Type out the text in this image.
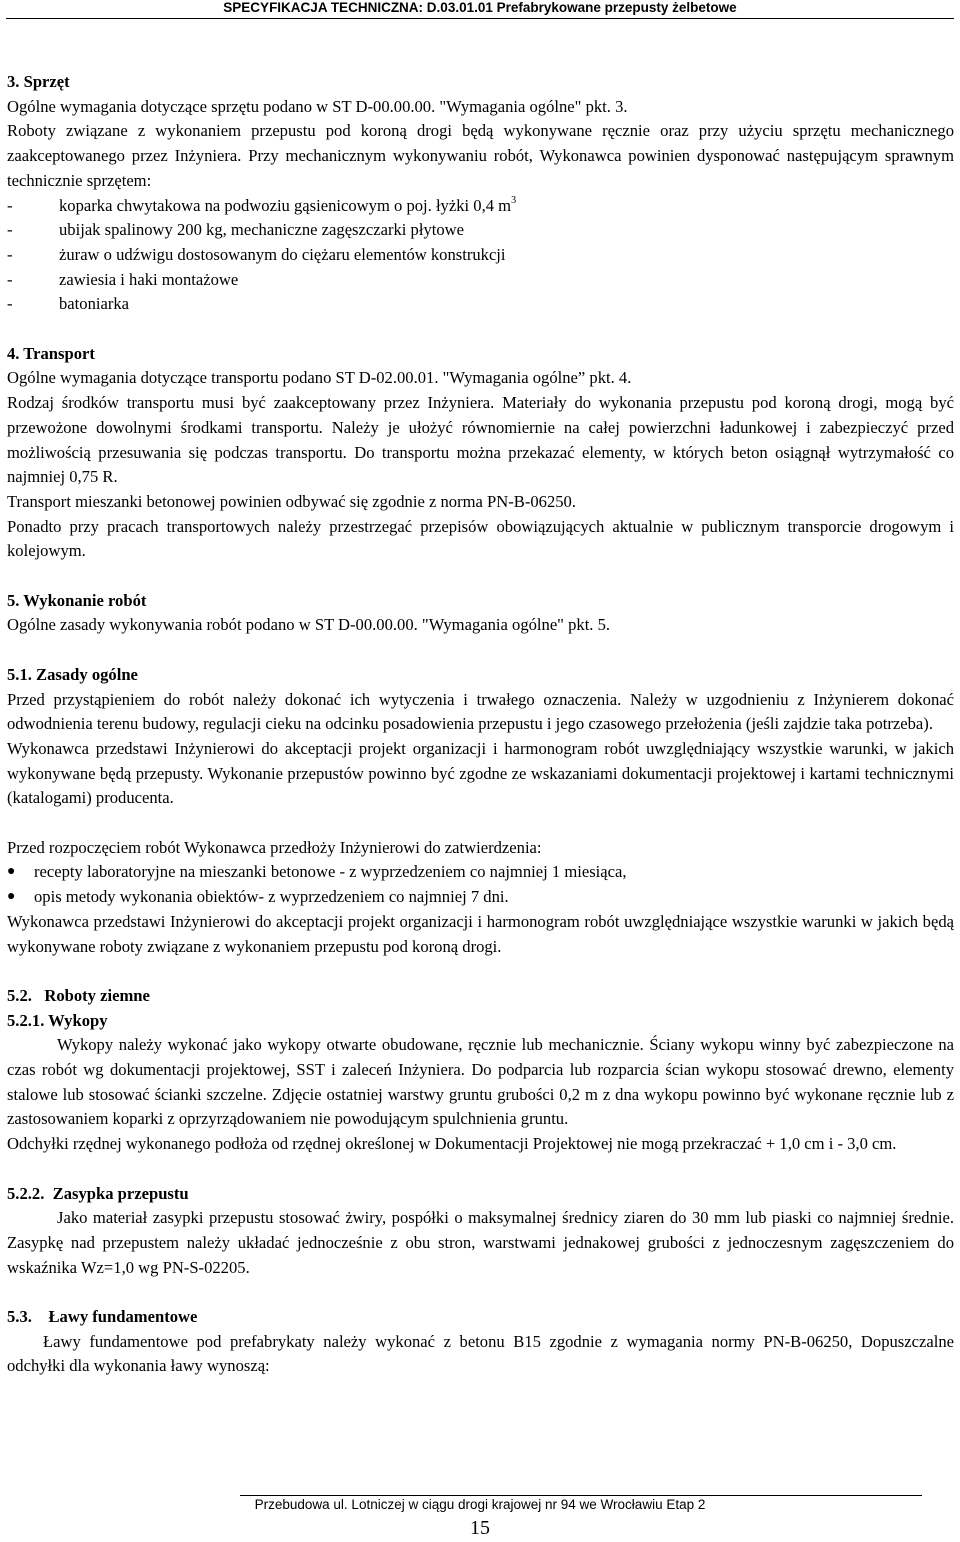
SPECYFIKACJA TECHNICZNA: D.03.01.01 Prefabrykowane przepusty żelbetowe

3. Sprzęt

Ogólne wymagania dotyczące sprzętu podano w ST D-00.00.00. "Wymagania ogólne" pkt. 3.

Roboty związane z wykonaniem przepustu pod koroną drogi będą wykonywane ręcznie oraz przy użyciu sprzętu mechanicznego zaakceptowanego przez Inżyniera. Przy mechanicznym wykonywaniu robót, Wykonawca powinien dysponować następującym sprawnym technicznie sprzętem:

-	koparka chwytakowa na podwoziu gąsienicowym o poj. łyżki 0,4 $m^3$
-	ubijak spalinowy 200 kg, mechaniczne zagęszczarki płytowe
-	żuraw o udźwigu dostosowanym do ciężaru elementów konstrukcji
-	zawiesia i haki montażowe
-	batoniarka

4. Transport

Ogólne wymagania dotyczące transportu podano ST D-02.00.01. "Wymagania ogólne” pkt. 4.

Rodzaj środków transportu musi być zaakceptowany przez Inżyniera. Materiały do wykonania przepustu pod koroną drogi, mogą być przewożone dowolnymi środkami transportu. Należy je ułożyć równomiernie na całej powierzchni ładunkowej i zabezpieczyć przed możliwością przesuwania się podczas transportu. Do transportu można przekazać elementy, w których beton osiągnął wytrzymałość co najmniej 0,75 R.

Transport mieszanki betonowej powinien odbywać się zgodnie z norma PN-B-06250.

Ponadto przy pracach transportowych należy przestrzegać przepisów obowiązujących aktualnie w publicznym transporcie drogowym i kolejowym.

5. Wykonanie robót

Ogólne zasady wykonywania robót podano w ST D-00.00.00. "Wymagania ogólne" pkt. 5.

5.1. Zasady ogólne

Przed przystąpieniem do robót należy dokonać ich wytyczenia i trwałego oznaczenia. Należy w uzgodnieniu z Inżynierem dokonać odwodnienia terenu budowy, regulacji cieku na odcinku posadowienia przepustu i jego czasowego przełożenia (jeśli zajdzie taka potrzeba).

Wykonawca przedstawi Inżynierowi do akceptacji projekt organizacji i harmonogram robót uwzględniający wszystkie warunki, w jakich wykonywane będą przepusty. Wykonanie przepustów powinno być zgodne ze wskazaniami dokumentacji projektowej i kartami technicznymi (katalogami) producenta.

Przed rozpoczęciem robót Wykonawca przedłoży Inżynierowi do zatwierdzenia:

●	recepty laboratoryjne na mieszanki betonowe - z wyprzedzeniem co najmniej 1 miesiąca,
●	opis metody wykonania obiektów- z wyprzedzeniem co najmniej 7 dni.

Wykonawca przedstawi Inżynierowi do akceptacji projekt organizacji i harmonogram robót uwzględniające wszystkie warunki w jakich będą wykonywane roboty związane z wykonaniem przepustu pod koroną drogi.

5.2.   Roboty ziemne

5.2.1. Wykopy

Wykopy należy wykonać jako wykopy otwarte obudowane, ręcznie lub mechanicznie. Ściany wykopu winny być zabezpieczone na czas robót wg dokumentacji projektowej, SST i zaleceń Inżyniera. Do podparcia lub rozparcia ścian wykopu stosować drewno, elementy stalowe lub stosować ścianki szczelne. Zdjęcie ostatniej warstwy gruntu grubości 0,2 m z dna wykopu powinno być wykonane ręcznie lub z zastosowaniem koparki z oprzyrządowaniem nie powodującym spulchnienia gruntu.

Odchyłki rzędnej wykonanego podłoża od rzędnej określonej w Dokumentacji Projektowej nie mogą przekraczać + 1,0 cm i - 3,0 cm.

5.2.2.  Zasypka przepustu

Jako materiał zasypki przepustu stosować żwiry, pospółki o maksymalnej średnicy ziaren do 30 mm lub piaski co najmniej średnie. Zasypkę nad przepustem należy układać jednocześnie z obu stron, warstwami jednakowej grubości z jednoczesnym zagęszczeniem do wskaźnika Wz=1,0 wg PN-S-02205.

5.3.    Ławy fundamentowe

Ławy fundamentowe pod prefabrykaty należy wykonać z betonu B15 zgodnie z wymagania normy PN-B-06250, Dopuszczalne odchyłki dla wykonania ławy wynoszą:

Przebudowa ul. Lotniczej w ciągu drogi krajowej nr 94 we Wrocławiu Etap 2
15
